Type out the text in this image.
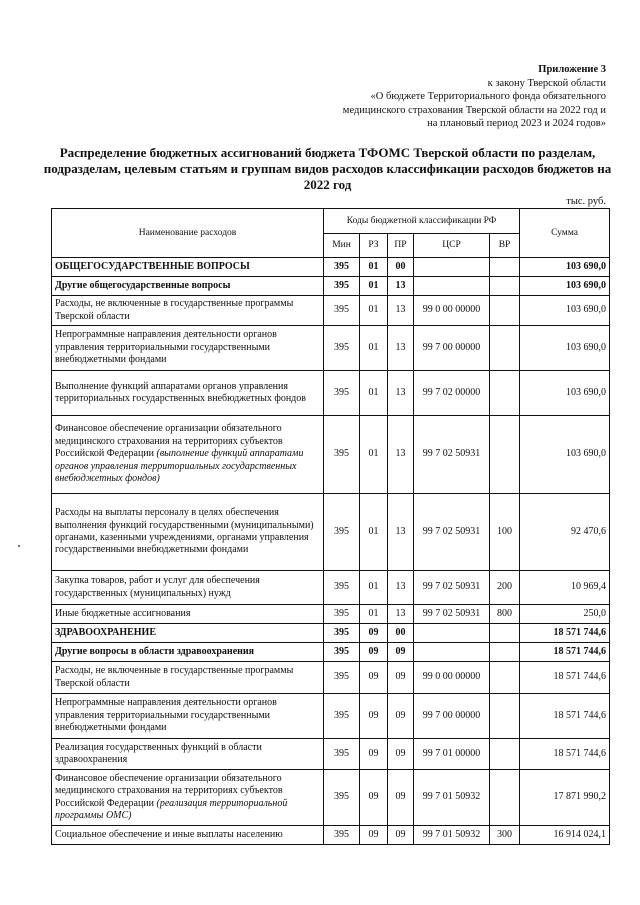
Приложение 3
к закону Тверской области
«О бюджете Территориального фонда обязательного
медицинского страхования Тверской области на 2022 год и
на плановый период 2023 и 2024 годов»
Распределение бюджетных ассигнований бюджета ТФОМС Тверской области по разделам, подразделам, целевым статьям и группам видов расходов классификации расходов бюджетов на 2022 год
тыс. руб.
Наименование расходов	Коды бюджетной классификации РФ					Сумма
	Мин	РЗ	ПР	ЦСР	ВР	
ОБЩЕГОСУДАРСТВЕННЫЕ ВОПРОСЫ	395	01	00			103 690,0
Другие общегосударственные вопросы	395	01	13			103 690,0
Расходы, не включенные в государственные программы Тверской области	395	01	13	99 0 00 00000		103 690,0
Непрограммные направления деятельности органов управления территориальными государственными внебюджетными фондами	395	01	13	99 7 00 00000		103 690,0
Выполнение функций аппаратами органов управления территориальных государственных внебюджетных фондов	395	01	13	99 7 02 00000		103 690,0
Финансовое обеспечение организации обязательного медицинского страхования на территориях субъектов Российской Федерации (выполнение функций аппаратами органов управления территориальных государственных внебюджетных фондов)	395	01	13	99 7 02 50931		103 690,0
Расходы на выплаты персоналу в целях обеспечения выполнения функций государственными (муниципальными) органами, казенными учреждениями, органами управления государственными внебюджетными фондами	395	01	13	99 7 02 50931	100	92 470,6
Закупка товаров, работ и услуг для обеспечения государственных (муниципальных) нужд	395	01	13	99 7 02 50931	200	10 969,4
Иные бюджетные ассигнования	395	01	13	99 7 02 50931	800	250,0
ЗДРАВООХРАНЕНИЕ	395	09	00			18 571 744,6
Другие вопросы в области здравоохранения	395	09	09			18 571 744,6
Расходы, не включенные в государственные программы Тверской области	395	09	09	99 0 00 00000		18 571 744,6
Непрограммные направления деятельности органов управления территориальными государственными внебюджетными фондами	395	09	09	99 7 00 00000		18 571 744,6
Реализация государственных функций в области здравоохранения	395	09	09	99 7 01 00000		18 571 744,6
Финансовое обеспечение организации обязательного медицинского страхования на территориях субъектов Российской Федерации (реализация территориальной программы ОМС)	395	09	09	99 7 01 50932		17 871 990,2
Социальное обеспечение и иные выплаты населению	395	09	09	99 7 01 50932	300	16 914 024,1
